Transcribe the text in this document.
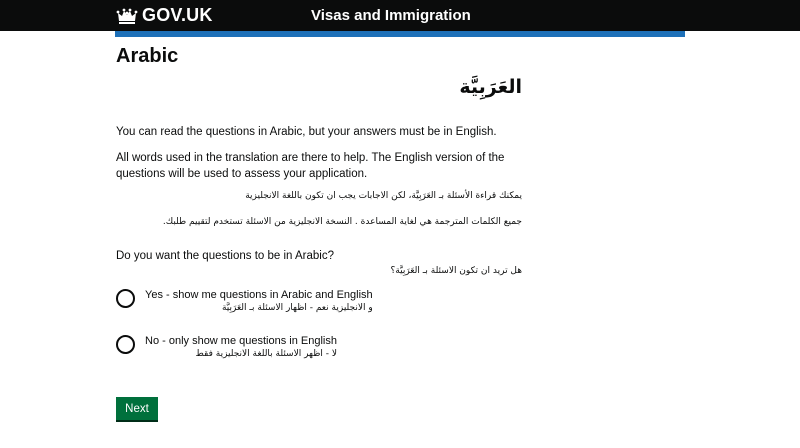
GOV.UK	Visas and Immigration
Arabic
العَرَبِيَّة

You can read the questions in Arabic, but your answers must be in English.

All words used in the translation are there to help. The English version of the questions will be used to assess your application.

يمكنك قراءة الأسئلة بـ العَرَبِيَّة، لكن الاجابات يجب ان تكون باللغة الانجليزية

جميع الكلمات المترجمة هي لغاية المساعدة . النسخة الانجليزية من الاسئلة تستخدم لتقييم طلبك.

Do you want the questions to be in Arabic?

هل تريد ان تكون الاسئلة بـ العَرَبِيَّة؟

Yes - show me questions in Arabic and English
و الانجليزية نعم - اظهار الاسئلة بـ العَرَبِيَّة
No - only show me questions in English
لا - اظهر الاسئلة باللغة الانجليزية فقط
Next
